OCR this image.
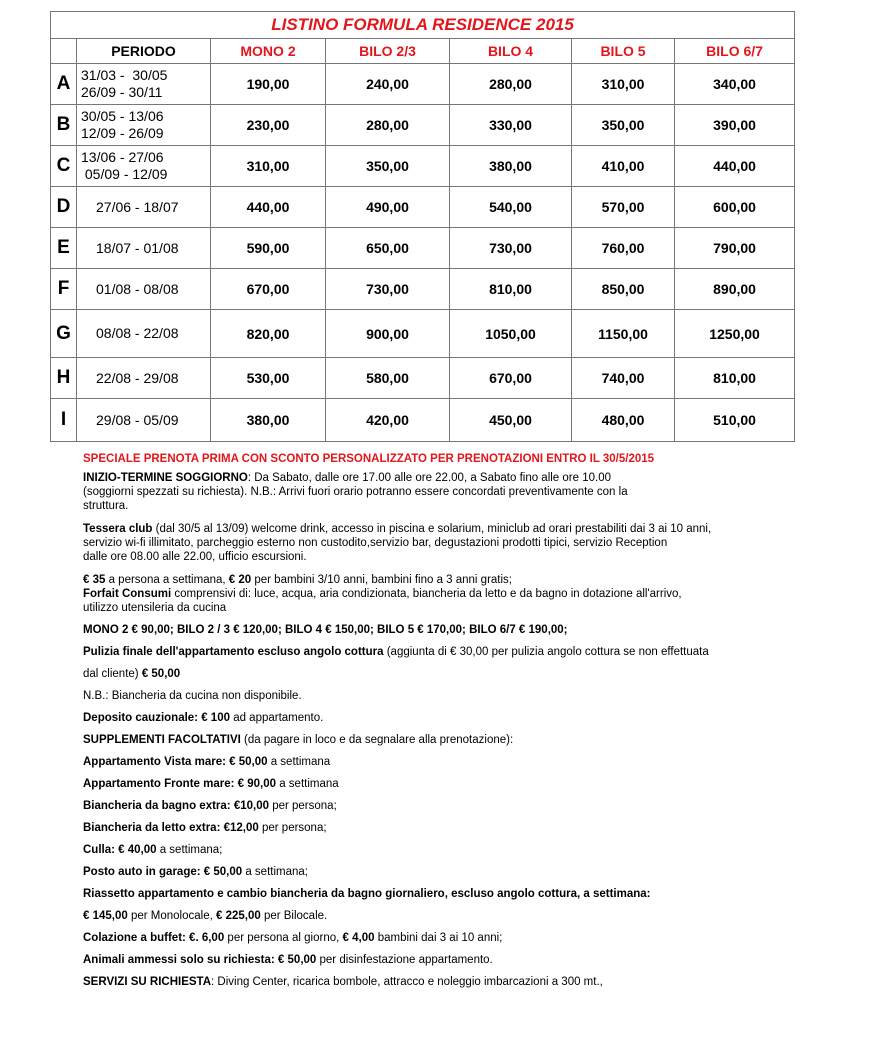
LISTINO FORMULA RESIDENCE 2015						
	PERIODO	MONO 2	BILO 2/3	BILO 4	BILO 5	BILO 6/7
A	31/03 -  30/05
26/09 - 30/11	190,00	240,00	280,00	310,00	340,00
B	30/05 - 13/06
12/09 - 26/09	230,00	280,00	330,00	350,00	390,00
C	13/06 - 27/06
05/09 - 12/09	310,00	350,00	380,00	410,00	440,00
D	27/06 - 18/07	440,00	490,00	540,00	570,00	600,00
E	18/07 - 01/08	590,00	650,00	730,00	760,00	790,00
F	01/08 - 08/08	670,00	730,00	810,00	850,00	890,00
G	08/08 - 22/08	820,00	900,00	1050,00	1150,00	1250,00
H	22/08 - 29/08	530,00	580,00	670,00	740,00	810,00
I	29/08 - 05/09	380,00	420,00	450,00	480,00	510,00

SPECIALE PRENOTA PRIMA CON SCONTO PERSONALIZZATO PER PRENOTAZIONI ENTRO IL 30/5/2015

INIZIO-TERMINE SOGGIORNO: Da Sabato, dalle ore 17.00 alle ore 22.00, a Sabato fino alle ore 10.00

(soggiorni spezzati su richiesta). N.B.: Arrivi fuori orario potranno essere concordati preventivamente con la

struttura.

Tessera club (dal 30/5 al 13/09) welcome drink, accesso in piscina e solarium, miniclub ad orari prestabiliti dai 3 ai 10 anni,

servizio wi-fi illimitato, parcheggio esterno non custodito,servizio bar, degustazioni prodotti tipici, servizio Reception

dalle ore 08.00 alle 22.00, ufficio escursioni.

€ 35 a persona a settimana, € 20 per bambini 3/10 anni, bambini fino a 3 anni gratis;

Forfait Consumi comprensivi di: luce, acqua, aria condizionata, biancheria da letto e da bagno in dotazione all'arrivo,

utilizzo utensileria da cucina

MONO 2 € 90,00; BILO 2 / 3 € 120,00; BILO 4 € 150,00; BILO 5 € 170,00; BILO 6/7 € 190,00;

Pulizia finale dell'appartamento escluso angolo cottura (aggiunta di € 30,00 per pulizia angolo cottura se non effettuata

dal cliente) € 50,00

N.B.: Biancheria da cucina non disponibile.

Deposito cauzionale: € 100 ad appartamento.

SUPPLEMENTI FACOLTATIVI (da pagare in loco e da segnalare alla prenotazione):

Appartamento Vista mare: € 50,00 a settimana

Appartamento Fronte mare: € 90,00 a settimana

Biancheria da bagno extra: €10,00 per persona;

Biancheria da letto extra: €12,00 per persona;

Culla: € 40,00 a settimana;

Posto auto in garage: € 50,00 a settimana;

Riassetto appartamento e cambio biancheria da bagno giornaliero, escluso angolo cottura, a settimana:

€ 145,00 per Monolocale, € 225,00 per Bilocale.

Colazione a buffet: €. 6,00 per persona al giorno, € 4,00 bambini dai 3 ai 10 anni;

Animali ammessi solo su richiesta: € 50,00 per disinfestazione appartamento.

SERVIZI SU RICHIESTA: Diving Center, ricarica bombole, attracco e noleggio imbarcazioni a 300 mt.,
